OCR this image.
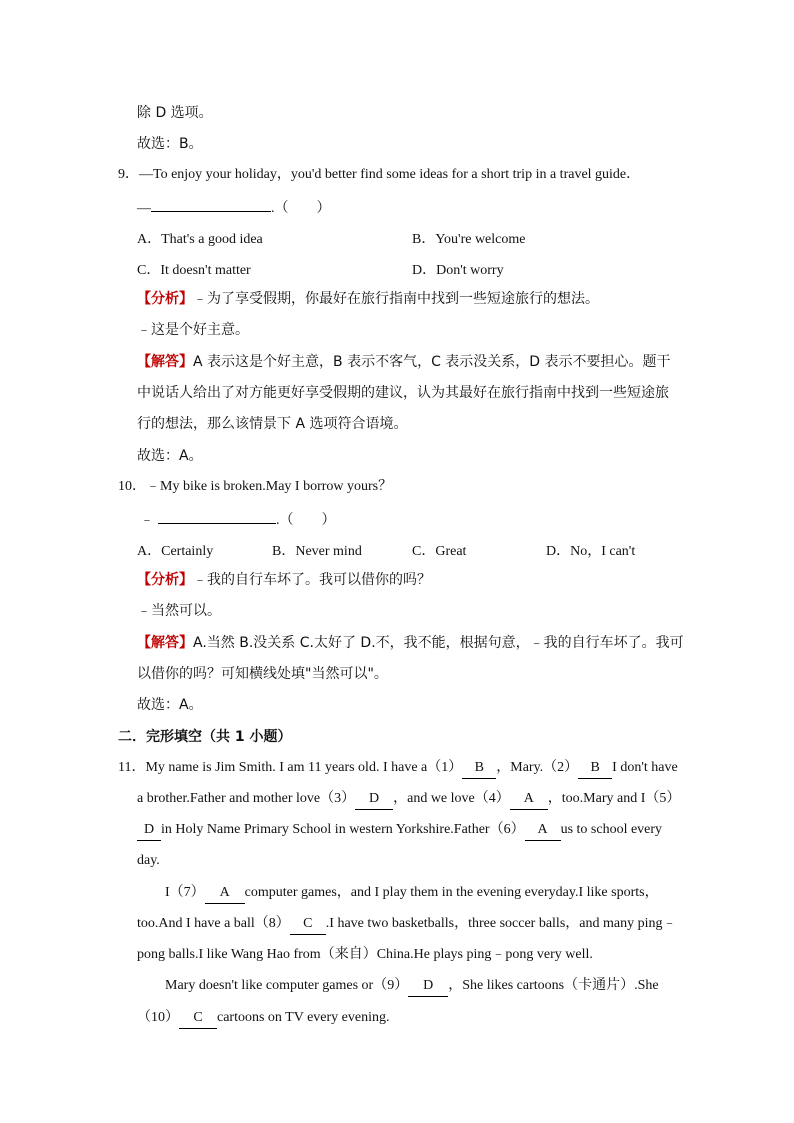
除 D 选项。
故选：B。
9．—To enjoy your holiday，you'd better find some ideas for a short trip in a travel guide．
—	.（　　）
A．That's a good idea	B．You're welcome
C．It doesn't matter	D．Don't worry
【分析】﹣为了享受假期，你最好在旅行指南中找到一些短途旅行的想法。
﹣这是个好主意。
【解答】A 表示这是个好主意，B 表示不客气，C 表示没关系，D 表示不要担心。题干
中说话人给出了对方能更好享受假期的建议，认为其最好在旅行指南中找到一些短途旅
行的想法，那么该情景下 A 选项符合语境。
故选：A。
10．﹣My bike is broken.May I borrow yours？
﹣	.（　　）
A．Certainly	B．Never mind	C．Great	D．No，I can't
【分析】﹣我的自行车坏了。我可以借你的吗？
﹣当然可以。
【解答】A.当然 B.没关系 C.太好了 D.不，我不能，根据句意，﹣我的自行车坏了。我可
以借你的吗？可知横线处填"当然可以"。
故选：A。
二．完形填空（共 1 小题）
11．My name is Jim Smith. I am 11 years old. I have a（1） B ，Mary.（2） B I don't have
a brother.Father and mother love（3） D ，and we love（4） A ，too.Mary and I（5）
D in Holy Name Primary School in western Yorkshire.Father（6） A us to school every
day.
I（7） A computer games，and I play them in the evening everyday.I like sports，
too.And I have a ball（8） C .I have two basketballs，three soccer balls，and many ping﹣
pong balls.I like Wang Hao from（来自）China.He plays ping﹣pong very well.
Mary doesn't like computer games or（9） D ，She likes cartoons（卡通片）.She
（10） C cartoons on TV every evening.
